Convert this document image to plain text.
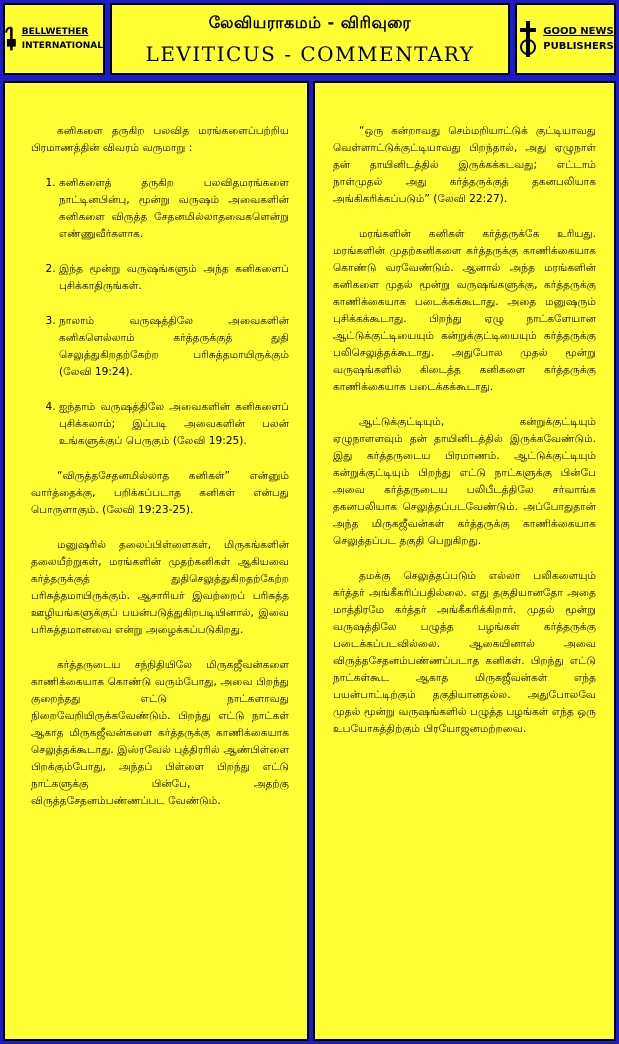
BELLWETHER
INTERNATIONAL
லேவியராகமம் - விரிவுரை
LEVITICUS - COMMENTARY
GOOD NEWS
PUBLISHERS

கனிகளை தருகிற பலவித மரங்களைப்பற்றிய பிரமாணத்தின் விவரம் வருமாறு :

1. கனிகளைத் தருகிற பலவிதமரங்களை நாட்டினபின்பு, மூன்று வருஷம் அவைகளின் கனிகளை விருத்த சேதனமில்லாதவைகளென்று எண்ணுவீர்களாக.
2. இந்த மூன்று வருஷங்களும் அந்த கனிகளைப் புசிக்காதிருங்கள்.
3. நாலாம் வருஷத்திலே அவைகளின் கனிகளெல்லாம் கர்த்தருக்குத் துதி செலுத்துகிறதற்கேற்ற பரிசுத்தமாயிருக்கும் (லேவி 19:24).
4. ஐந்தாம் வருஷத்திலே அவைகளின் கனிகளைப் புசிக்கலாம்; இப்படி அவைகளின் பலன் உங்களுக்குப் பெருகும் (லேவி 19:25).

“விருத்தசேதனமில்லாத கனிகள்” என்னும் வார்த்தைக்கு, பறிக்கப்படாத கனிகள் என்பது பொருளாகும். (லேவி 19:23-25).

மனுஷரில் தலைப்பிள்ளைகள், மிருகங்களின் தலையீற்றுகள், மரங்களின் முதற்கனிகள் ஆகியவை கர்த்தருக்குத் துதிசெலுத்துகிறதற்கேற்ற பரிசுத்தமாயிருக்கும். ஆசாரியர் இவற்றைப் பரிசுத்த ஊழியங்களுக்குப் பயன்படுத்துகிறபடியினால், இவை பரிசுத்தமானவை என்று அழைக்கப்படுகிறது.

கர்த்தருடைய சந்நிதியிலே மிருகஜீவன்களை காணிக்கையாக கொண்டு வரும்போது, அவை பிறந்து குறைந்தது எட்டு நாட்களாவது நிறைவேறியிருக்கவேண்டும். பிறந்து எட்டு நாட்கள் ஆகாத மிருகஜீவன்களை கர்த்தருக்கு காணிக்கையாக செலுத்தக்கூடாது. இஸ்ரவேல் புத்திரரில் ஆண்பிள்ளை பிறக்கும்போது, அந்தப் பிள்ளை பிறந்து எட்டு நாட்களுக்கு பின்பே, அதற்கு விருத்தசேதனம்பண்ணப்பட வேண்டும்.

“ஒரு கன்றாவது செம்மறியாட்டுக் குட்டியாவது வெள்ளாட்டுக்குட்டியாவது பிறந்தால், அது ஏழுநாள் தன் தாயினிடத்தில் இருக்கக்கடவது; எட்டாம் நாள்முதல் அது கர்த்தருக்குத் தகனபலியாக அங்கிகரிக்கப்படும்” (லேவி 22:27).

மரங்களின் கனிகள் கர்த்தருக்கே உரியது. மரங்களின் முதற்கனிகளை கர்த்தருக்கு காணிக்கையாக கொண்டு வரவேண்டும். ஆனால் அந்த மரங்களின் கனிகளை முதல் மூன்று வருஷங்களுக்கு, கர்த்தருக்கு காணிக்கையாக படைக்கக்கூடாது. அதை மனுஷரும் புசிக்கக்கூடாது. பிறந்து ஏழு நாட்களேயான ஆட்டுக்குட்டியையும் கன்றுக்குட்டியையும் கர்த்தருக்கு பலிசெலுத்தக்கூடாது. அதுபோல முதல் மூன்று வருஷங்களில் கிடைத்த கனிகளை கர்த்தருக்கு காணிக்கையாக படைக்கக்கூடாது.

ஆட்டுக்குட்டியும், கன்றுக்குட்டியும் ஏழுநாளளவும் தன் தாயினிடத்தில் இருக்கவேண்டும். இது கர்த்தருடைய பிரமாணம். ஆட்டுக்குட்டியும் கன்றுக்குட்டியும் பிறந்து எட்டு நாட்களுக்கு பின்பே அவை கர்த்தருடைய பலிபீடத்திலே சர்வாங்க தகனபலியாக செலுத்தப்படவேண்டும். அப்போதுதான் அந்த மிருகஜீவன்கள் கர்த்தருக்கு காணிக்கையாக செலுத்தப்பட தகுதி பெறுகிறது.

தமக்கு செலுத்தப்படும் எல்லா பலிகளையும் கர்த்தர் அங்கீகரிப்பதில்லை. எது தகுதியானதோ அதை மாத்திரமே கர்த்தர் அங்கீகரிக்கிறார். முதல் மூன்று வருஷத்திலே பழுத்த பழங்கள் கர்த்தருக்கு படைக்கப்படவில்லை. ஆகையினால் அவை விருத்தசேதனம்பண்ணப்படாத கனிகள். பிறந்து எட்டு நாட்கள்கூட ஆகாத மிருகஜீவன்கள் எந்த பயன்பாட்டிற்கும் தகுதியானதல்ல. அதுபோலவே முதல் மூன்று வருஷங்களில் பழுத்த பழங்கள் எந்த ஒரு உபயோகத்திற்கும் பிரயோஜனமற்றவை.
